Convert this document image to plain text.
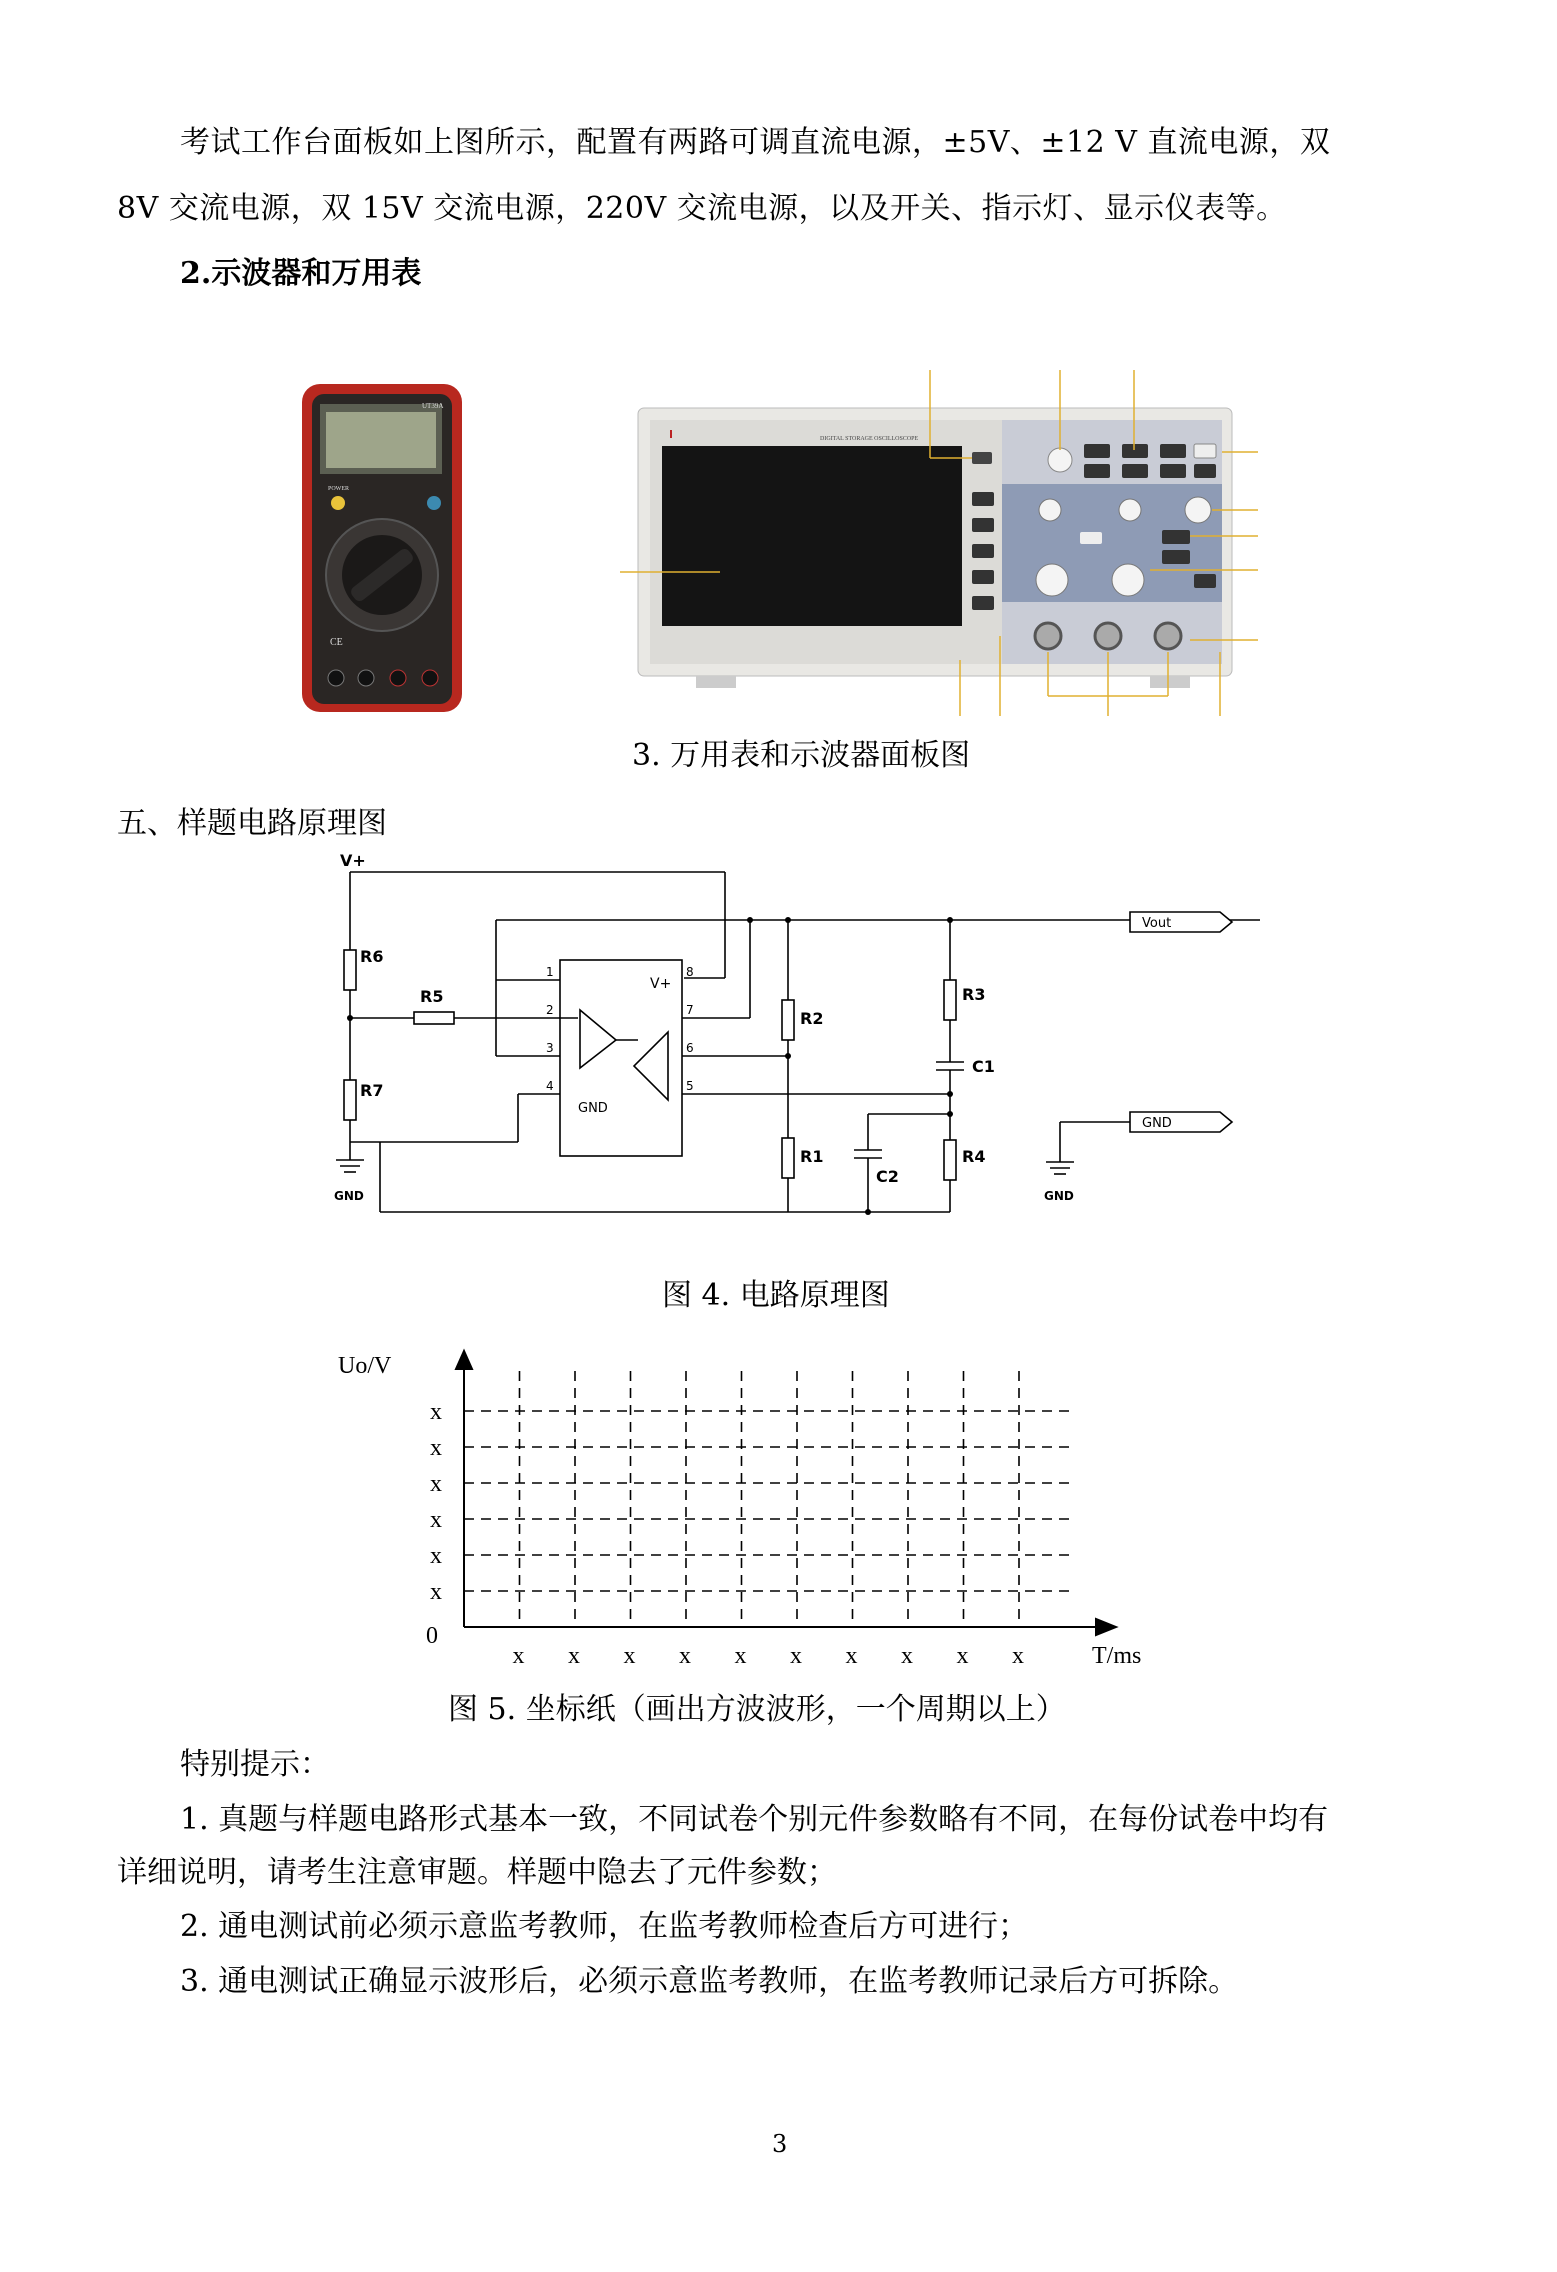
考试工作台面板如上图所示，配置有两路可调直流电源，±5V、±12 V 直流电源，双
8V 交流电源，双 15V 交流电源，220V 交流电源，以及开关、指示灯、显示仪表等。
2.示波器和万用表
UT39A
POWER
CE
DIGITAL STORAGE OSCILLOSCOPE
3. 万用表和示波器面板图
五、样题电路原理图
V+
R6
R5
R7
R2
R1
R3
R4
C1
C2
GND	GND
1
2
3
4
8
7
6
5
V+
GND
Vout
GND
图 4. 电路原理图
Uo/V
0
T/ms
x
x
x
x
x
x
x x x x x x x x x x
图 5. 坐标纸（画出方波波形，一个周期以上）
特别提示：
1. 真题与样题电路形式基本一致，不同试卷个别元件参数略有不同，在每份试卷中均有
详细说明，请考生注意审题。样题中隐去了元件参数；
2. 通电测试前必须示意监考教师，在监考教师检查后方可进行；
3. 通电测试正确显示波形后，必须示意监考教师，在监考教师记录后方可拆除。
3
